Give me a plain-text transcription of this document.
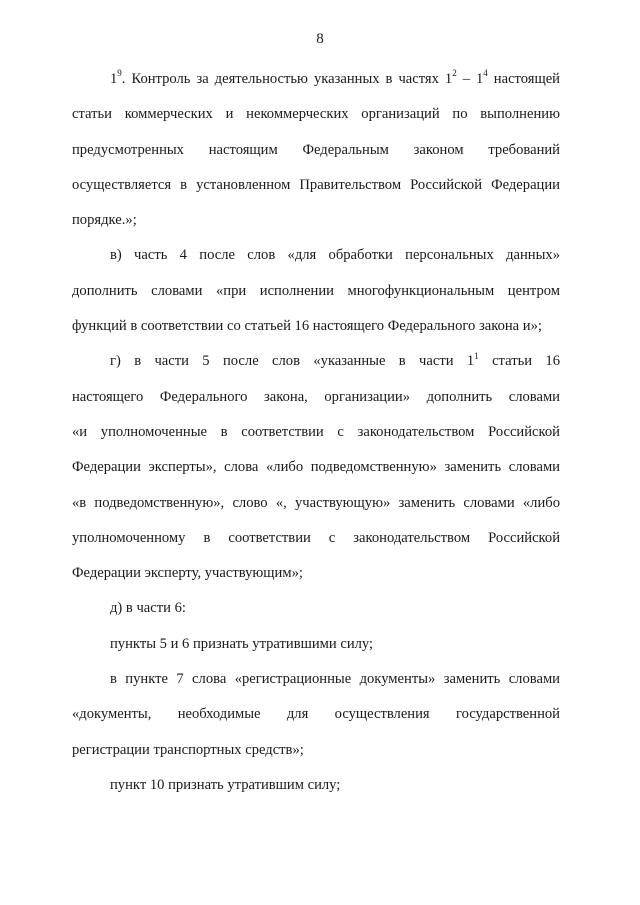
8
$1^9$. Контроль за деятельностью указанных в частях $1^2 - 1^4$ настоящей
статьи коммерческих и некоммерческих организаций по выполнению
предусмотренных настоящим Федеральным законом требований
осуществляется в установленном Правительством Российской Федерации
порядке.»;
в) часть 4 после слов «для обработки персональных данных»
дополнить словами «при исполнении многофункциональным центром
функций в соответствии со статьей 16 настоящего Федерального закона и»;
г) в части 5 после слов «указанные в части $1^1$ статьи 16
настоящего Федерального закона, организации» дополнить словами
«и уполномоченные в соответствии с законодательством Российской
Федерации эксперты», слова «либо подведомственную» заменить словами
«в подведомственную», слово «, участвующую» заменить словами «либо
уполномоченному в соответствии с законодательством Российской
Федерации эксперту, участвующим»;
д) в части 6:
пункты 5 и 6 признать утратившими силу;
в пункте 7 слова «регистрационные документы» заменить словами
«документы, необходимые для осуществления государственной
регистрации транспортных средств»;
пункт 10 признать утратившим силу;
